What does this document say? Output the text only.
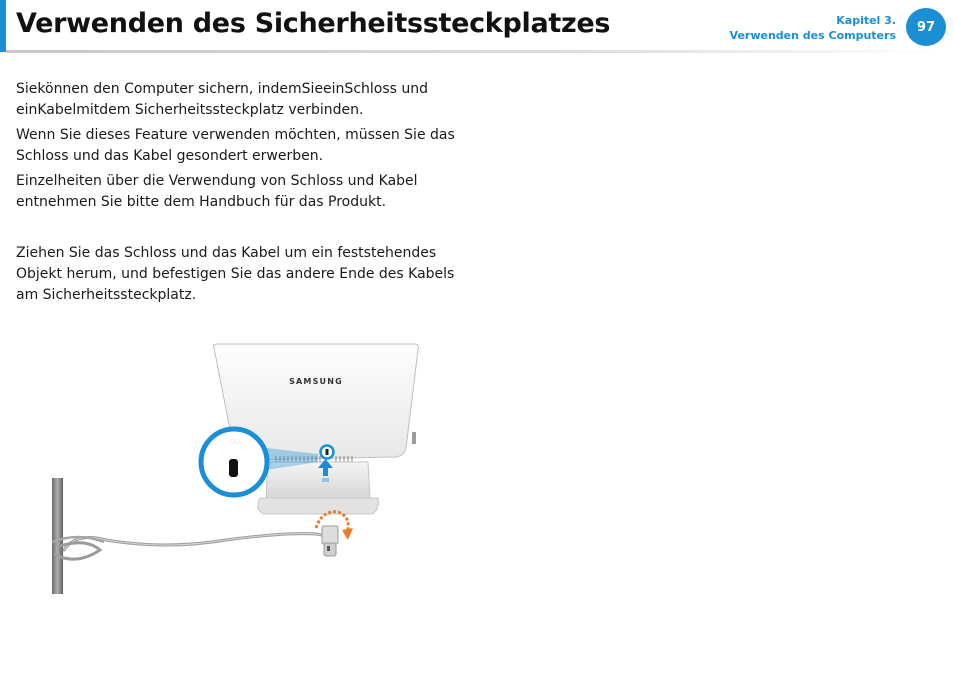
Verwenden des Sicherheitssteckplatzes	Kapitel 3.
Verwenden des Computers
97

Siekönnen den Computer sichern, indemSieeinSchloss und einKabelmitdem Sicherheitssteckplatz verbinden.

Wenn Sie dieses Feature verwenden möchten, müssen Sie das Schloss und das Kabel gesondert erwerben.

Einzelheiten über die Verwendung von Schloss und Kabel entnehmen Sie bitte dem Handbuch für das Produkt.

Ziehen Sie das Schloss und das Kabel um ein feststehendes Objekt herum, und befestigen Sie das andere Ende des Kabels am Sicherheitssteckplatz.

SAMSUNG
◌◌
